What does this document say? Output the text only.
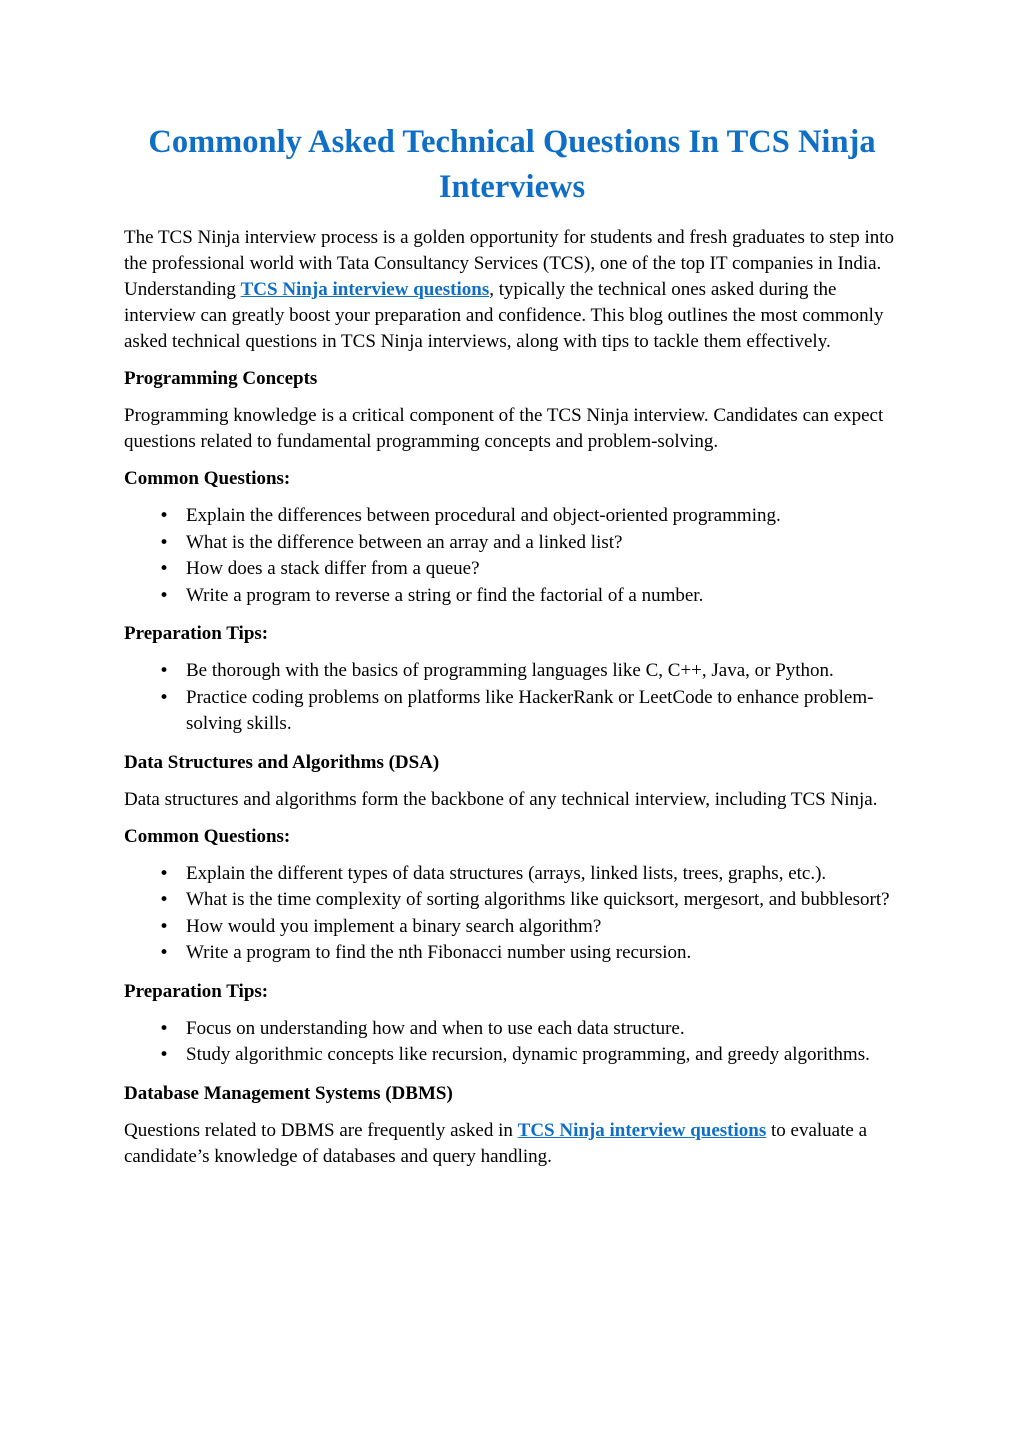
Commonly Asked Technical Questions In TCS Ninja Interviews

The TCS Ninja interview process is a golden opportunity for students and fresh graduates to step into the professional world with Tata Consultancy Services (TCS), one of the top IT companies in India. Understanding TCS Ninja interview questions, typically the technical ones asked during the interview can greatly boost your preparation and confidence. This blog outlines the most commonly asked technical questions in TCS Ninja interviews, along with tips to tackle them effectively.

Programming Concepts

Programming knowledge is a critical component of the TCS Ninja interview. Candidates can expect questions related to fundamental programming concepts and problem-solving.

Common Questions:

• Explain the differences between procedural and object-oriented programming.
• What is the difference between an array and a linked list?
• How does a stack differ from a queue?
• Write a program to reverse a string or find the factorial of a number.

Preparation Tips:

• Be thorough with the basics of programming languages like C, C++, Java, or Python.
• Practice coding problems on platforms like HackerRank or LeetCode to enhance problem-solving skills.

Data Structures and Algorithms (DSA)

Data structures and algorithms form the backbone of any technical interview, including TCS Ninja.

Common Questions:

• Explain the different types of data structures (arrays, linked lists, trees, graphs, etc.).
• What is the time complexity of sorting algorithms like quicksort, mergesort, and bubblesort?
• How would you implement a binary search algorithm?
• Write a program to find the nth Fibonacci number using recursion.

Preparation Tips:

• Focus on understanding how and when to use each data structure.
• Study algorithmic concepts like recursion, dynamic programming, and greedy algorithms.

Database Management Systems (DBMS)

Questions related to DBMS are frequently asked in TCS Ninja interview questions to evaluate a candidate’s knowledge of databases and query handling.
